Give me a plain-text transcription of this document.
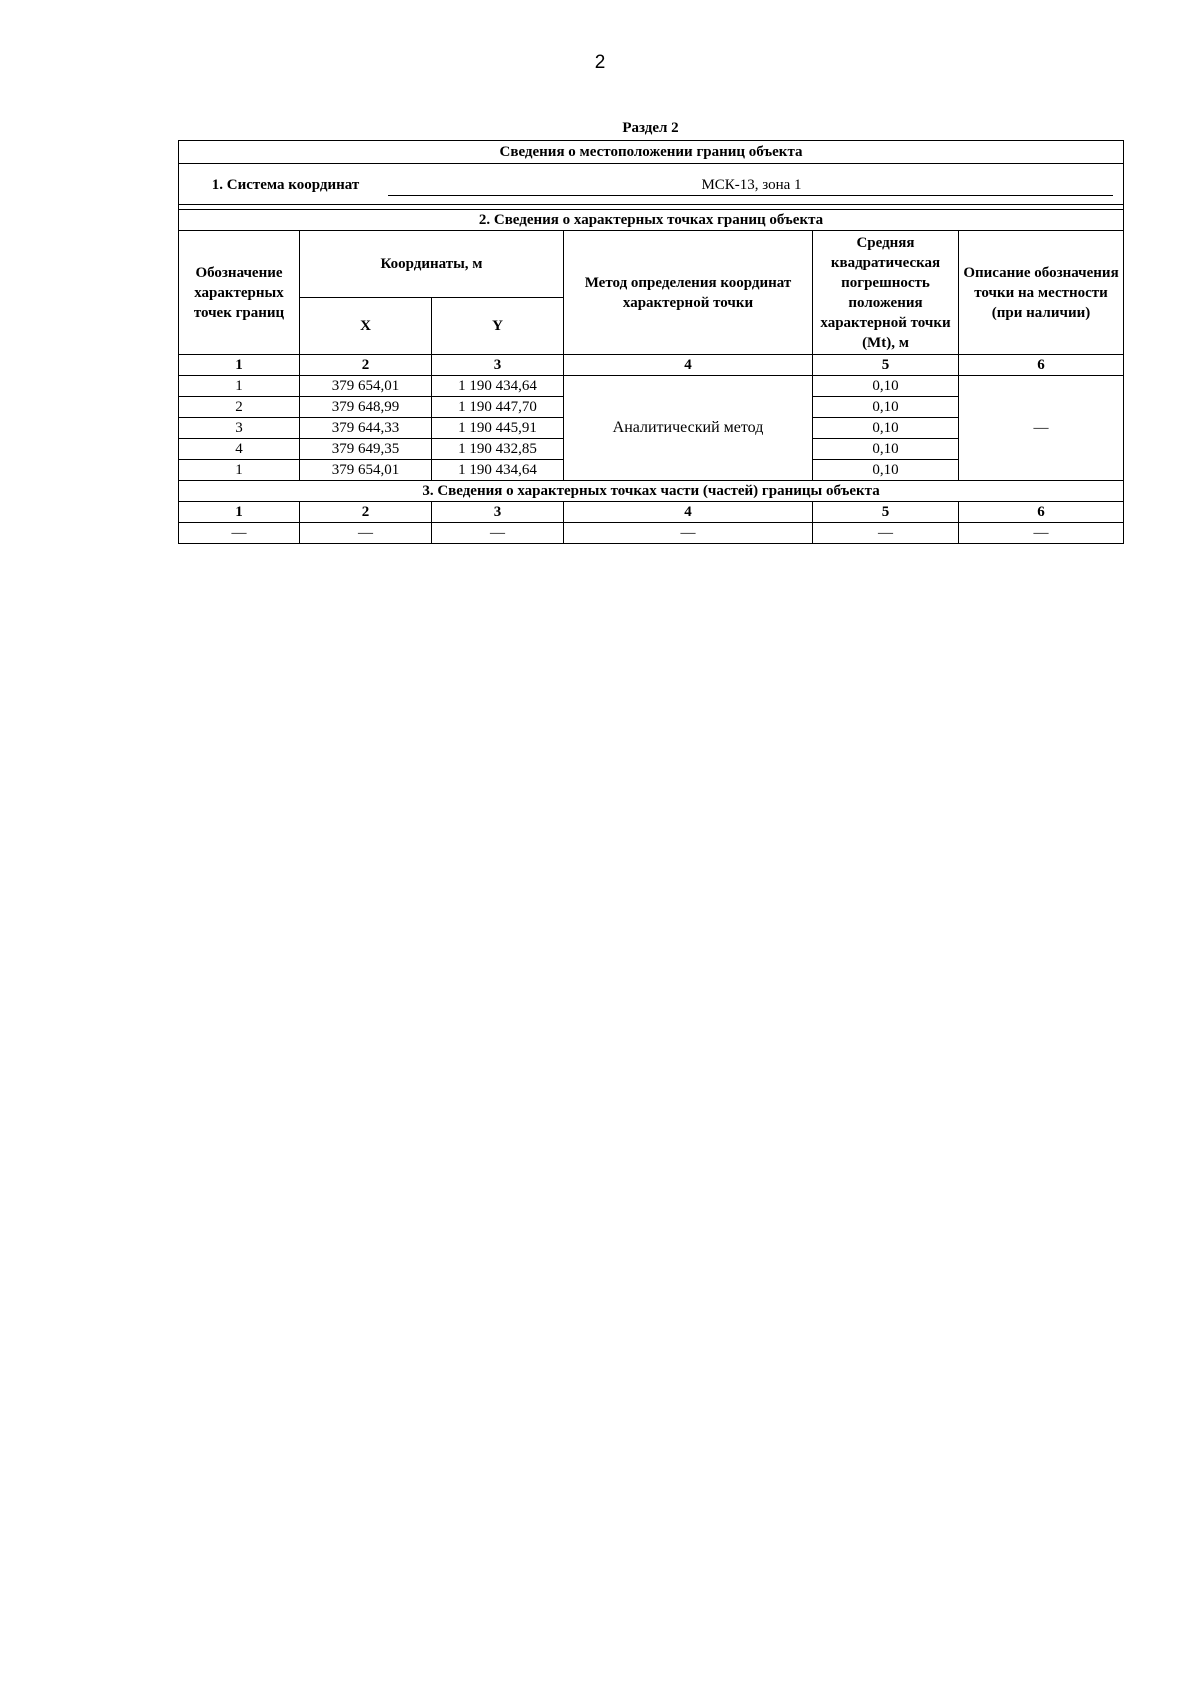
2
Раздел 2
Сведения о местоположении границ объекта					

1. Система координат МСК-13, зона 1					

2. Сведения о характерных точках границ объекта					
Обозначение характерных точек границ	Координаты, м		Метод определения координат характерной точки	Средняя квадратическая погрешность положения характерной точки (Mt), м	Описание обозначения точки на местности (при наличии)
	X	Y			
1	2	3	4	5	6
1	379 654,01	1 190 434,64	Аналитический метод	0,10	—
2	379 648,99	1 190 447,70		0,10	
3	379 644,33	1 190 445,91		0,10	
4	379 649,35	1 190 432,85		0,10	
1	379 654,01	1 190 434,64		0,10	
3. Сведения о характерных точках части (частей) границы объекта					
1	2	3	4	5	6
—	—	—	—	—	—
